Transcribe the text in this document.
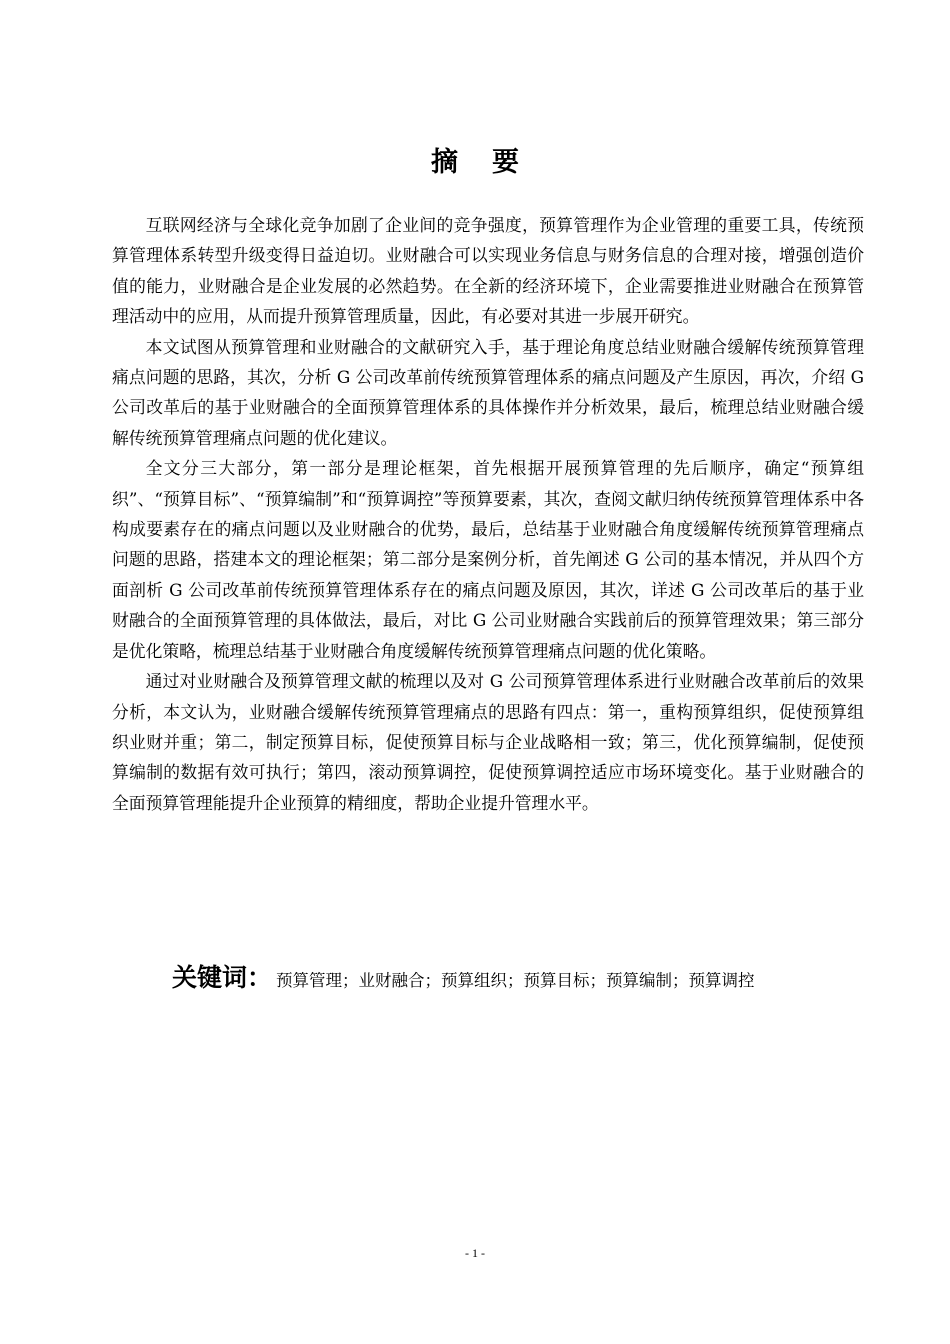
摘要

互联网经济与全球化竞争加剧了企业间的竞争强度，预算管理作为企业管理的重要工具，传统预算管理体系转型升级变得日益迫切。业财融合可以实现业务信息与财务信息的合理对接，增强创造价值的能力，业财融合是企业发展的必然趋势。在全新的经济环境下，企业需要推进业财融合在预算管理活动中的应用，从而提升预算管理质量，因此，有必要对其进一步展开研究。

本文试图从预算管理和业财融合的文献研究入手，基于理论角度总结业财融合缓解传统预算管理痛点问题的思路，其次，分析 G 公司改革前传统预算管理体系的痛点问题及产生原因，再次，介绍 G 公司改革后的基于业财融合的全面预算管理体系的具体操作并分析效果，最后，梳理总结业财融合缓解传统预算管理痛点问题的优化建议。

全文分三大部分，第一部分是理论框架，首先根据开展预算管理的先后顺序，确定“预算组织”、“预算目标”、“预算编制”和“预算调控”等预算要素，其次，查阅文献归纳传统预算管理体系中各构成要素存在的痛点问题以及业财融合的优势，最后，总结基于业财融合角度缓解传统预算管理痛点问题的思路，搭建本文的理论框架；第二部分是案例分析，首先阐述 G 公司的基本情况，并从四个方面剖析 G 公司改革前传统预算管理体系存在的痛点问题及原因，其次，详述 G 公司改革后的基于业财融合的全面预算管理的具体做法，最后，对比 G 公司业财融合实践前后的预算管理效果；第三部分是优化策略，梳理总结基于业财融合角度缓解传统预算管理痛点问题的优化策略。

通过对业财融合及预算管理文献的梳理以及对 G 公司预算管理体系进行业财融合改革前后的效果分析，本文认为，业财融合缓解传统预算管理痛点的思路有四点：第一，重构预算组织，促使预算组织业财并重；第二，制定预算目标，促使预算目标与企业战略相一致；第三，优化预算编制，促使预算编制的数据有效可执行；第四，滚动预算调控，促使预算调控适应市场环境变化。基于业财融合的全面预算管理能提升企业预算的精细度，帮助企业提升管理水平。

关键词： 预算管理；业财融合；预算组织；预算目标；预算编制；预算调控
- 1 -
